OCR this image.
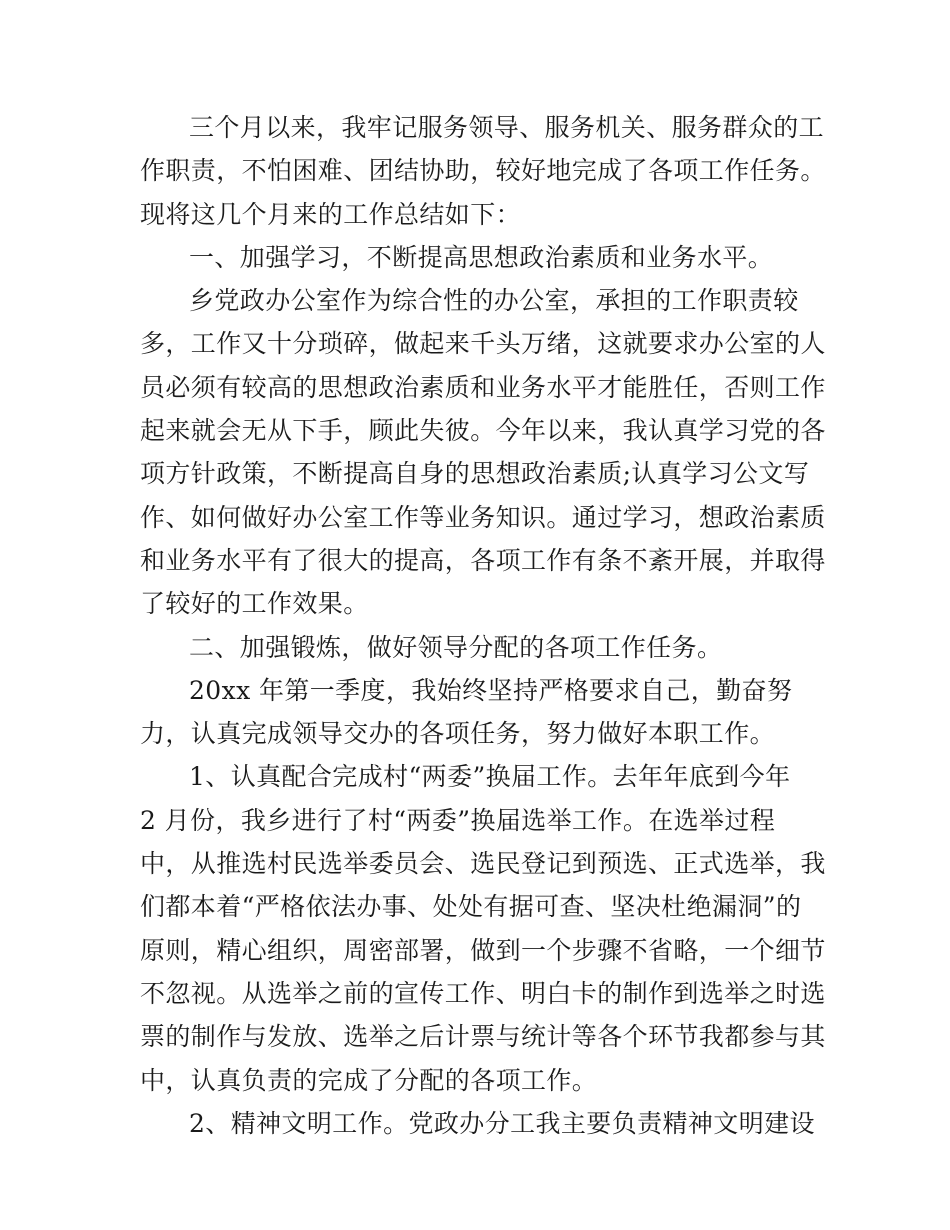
三个月以来，我牢记服务领导、服务机关、服务群众的工
作职责，不怕困难、团结协助，较好地完成了各项工作任务。
现将这几个月来的工作总结如下：
一、加强学习，不断提高思想政治素质和业务水平。
乡党政办公室作为综合性的办公室，承担的工作职责较
多，工作又十分琐碎，做起来千头万绪，这就要求办公室的人
员必须有较高的思想政治素质和业务水平才能胜任，否则工作
起来就会无从下手，顾此失彼。今年以来，我认真学习党的各
项方针政策，不断提高自身的思想政治素质;认真学习公文写
作、如何做好办公室工作等业务知识。通过学习，想政治素质
和业务水平有了很大的提高，各项工作有条不紊开展，并取得
了较好的工作效果。
二、加强锻炼，做好领导分配的各项工作任务。
20xx 年第一季度，我始终坚持严格要求自己，勤奋努
力，认真完成领导交办的各项任务，努力做好本职工作。
1、认真配合完成村“两委”换届工作。去年年底到今年
2 月份，我乡进行了村“两委”换届选举工作。在选举过程
中，从推选村民选举委员会、选民登记到预选、正式选举，我
们都本着“严格依法办事、处处有据可查、坚决杜绝漏洞”的
原则，精心组织，周密部署，做到一个步骤不省略，一个细节
不忽视。从选举之前的宣传工作、明白卡的制作到选举之时选
票的制作与发放、选举之后计票与统计等各个环节我都参与其
中，认真负责的完成了分配的各项工作。
2、精神文明工作。党政办分工我主要负责精神文明建设
